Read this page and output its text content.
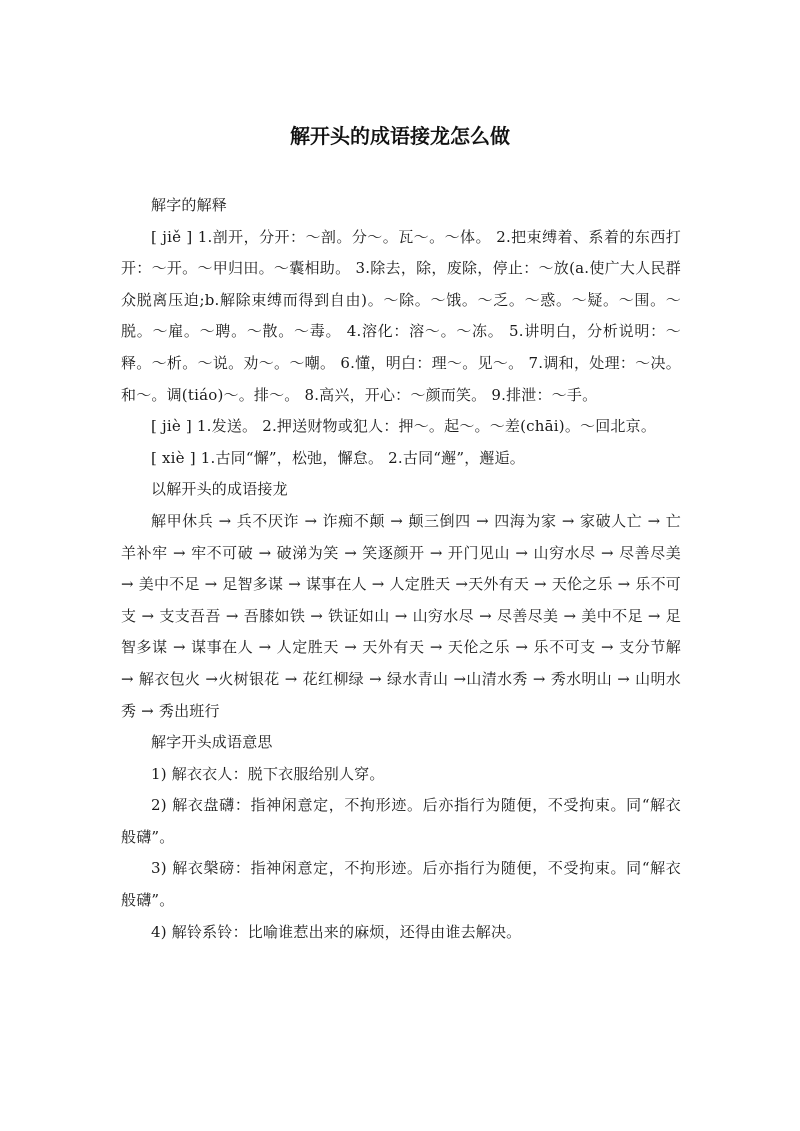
解开头的成语接龙怎么做

解字的解释

[ jiě ] 1.剖开，分开：～剖。分～。瓦～。～体。 2.把束缚着、系着的东西打开：～开。～甲归田。～囊相助。 3.除去，除，废除，停止：～放(a.使广大人民群众脱离压迫;b.解除束缚而得到自由)。～除。～饿。～乏。～惑。～疑。～围。～脱。～雇。～聘。～散。～毒。 4.溶化：溶～。～冻。 5.讲明白，分析说明：～释。～析。～说。劝～。～嘲。 6.懂，明白：理～。见～。 7.调和，处理：～决。和～。调(tiáo)～。排～。 8.高兴，开心：～颜而笑。 9.排泄：～手。

[ jiè ] 1.发送。 2.押送财物或犯人：押～。起～。～差(chāi)。～回北京。

[ xiè ] 1.古同“懈”，松弛，懈怠。 2.古同“邂”，邂逅。

以解开头的成语接龙

解甲休兵 → 兵不厌诈 → 诈痴不颠 → 颠三倒四 → 四海为家 → 家破人亡 → 亡羊补牢 → 牢不可破 → 破涕为笑 → 笑逐颜开 → 开门见山 → 山穷水尽 → 尽善尽美 → 美中不足 → 足智多谋 → 谋事在人 → 人定胜天 →天外有天 → 天伦之乐 → 乐不可支 → 支支吾吾 → 吾膝如铁 → 铁证如山 → 山穷水尽 → 尽善尽美 → 美中不足 → 足智多谋 → 谋事在人 → 人定胜天 → 天外有天 → 天伦之乐 → 乐不可支 → 支分节解 → 解衣包火 →火树银花 → 花红柳绿 → 绿水青山 →山清水秀 → 秀水明山 → 山明水秀 → 秀出班行

解字开头成语意思

1) 解衣衣人：脱下衣服给别人穿。

2) 解衣盘礴：指神闲意定，不拘形迹。后亦指行为随便，不受拘束。同“解衣般礴”。

3) 解衣槃磅：指神闲意定，不拘形迹。后亦指行为随便，不受拘束。同“解衣般礴”。

4) 解铃系铃：比喻谁惹出来的麻烦，还得由谁去解决。
